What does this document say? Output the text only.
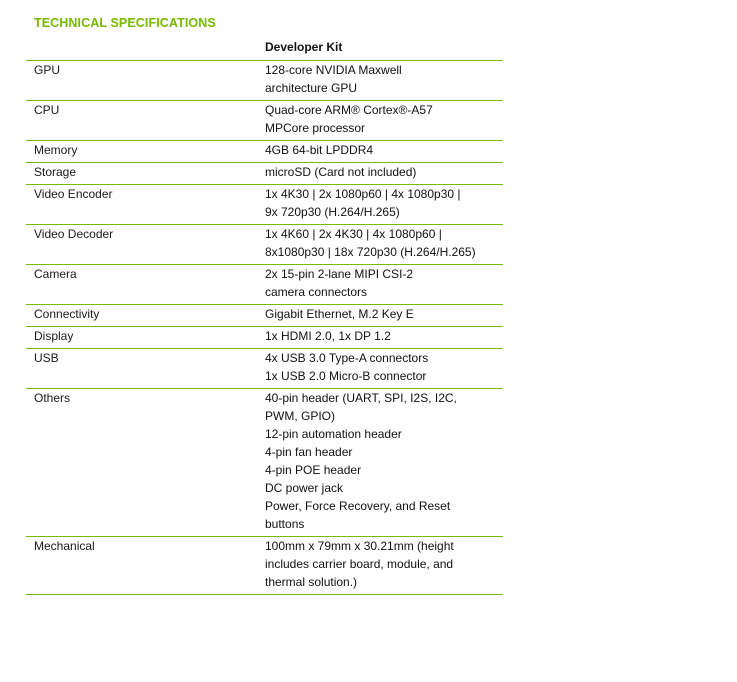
TECHNICAL SPECIFICATIONS
Developer Kit
GPU	128-core NVIDIA Maxwell
architecture GPU
CPU	Quad-core ARM® Cortex®-A57
MPCore processor
Memory	4GB 64-bit LPDDR4
Storage	microSD (Card not included)
Video Encoder	1x 4K30 | 2x 1080p60 | 4x 1080p30 |
9x 720p30 (H.264/H.265)
Video Decoder	1x 4K60 | 2x 4K30 | 4x 1080p60 |
8x1080p30 | 18x 720p30 (H.264/H.265)
Camera	2x 15-pin 2-lane MIPI CSI-2
camera connectors
Connectivity	Gigabit Ethernet, M.2 Key E
Display	1x HDMI 2.0, 1x DP 1.2
USB	4x USB 3.0 Type-A connectors
1x USB 2.0 Micro-B connector
Others	40-pin header (UART, SPI, I2S, I2C,
PWM, GPIO)
12-pin automation header
4-pin fan header
4-pin POE header
DC power jack
Power, Force Recovery, and Reset
buttons
Mechanical	100mm x 79mm x 30.21mm (height
includes carrier board, module, and
thermal solution.)
